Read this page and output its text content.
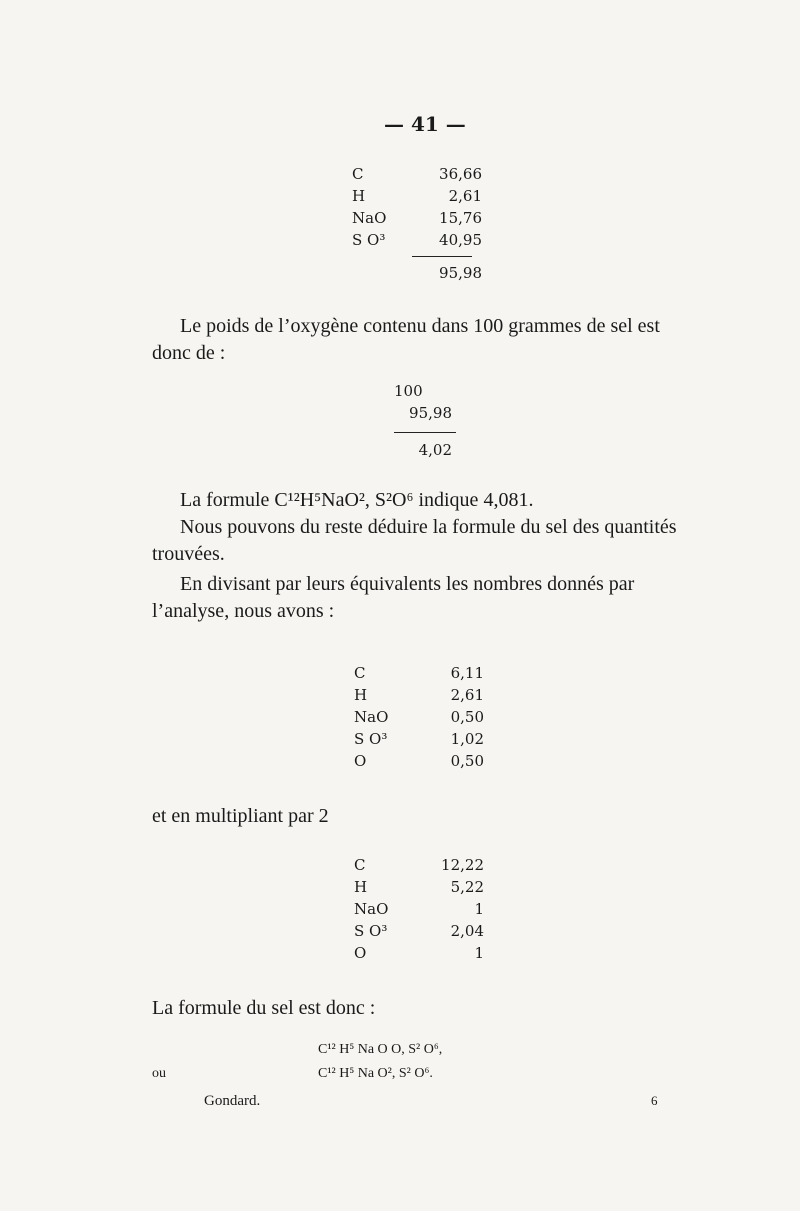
— 41 —
C	36,66
H	2,61
NaO	15,76
S O³	40,95
95,98
Le poids de l’oxygène contenu dans 100 grammes de sel est donc de :
100
95,98
4,02
La formule C¹²H⁵NaO², S²O⁶ indique 4,081.
Nous pouvons du reste déduire la formule du sel des quantités trouvées.
En divisant par leurs équivalents les nombres donnés par l’analyse, nous avons :
C	6,11
H	2,61
NaO	0,50
S O³	1,02
O	0,50
et en multipliant par 2
C	12,22
H	5,22
NaO	1
S O³	2,04
O	1
La formule du sel est donc :
C¹² H⁵ Na O O, S² O⁶,
ou	C¹² H⁵ Na O², S² O⁶.
Gondard.	6
